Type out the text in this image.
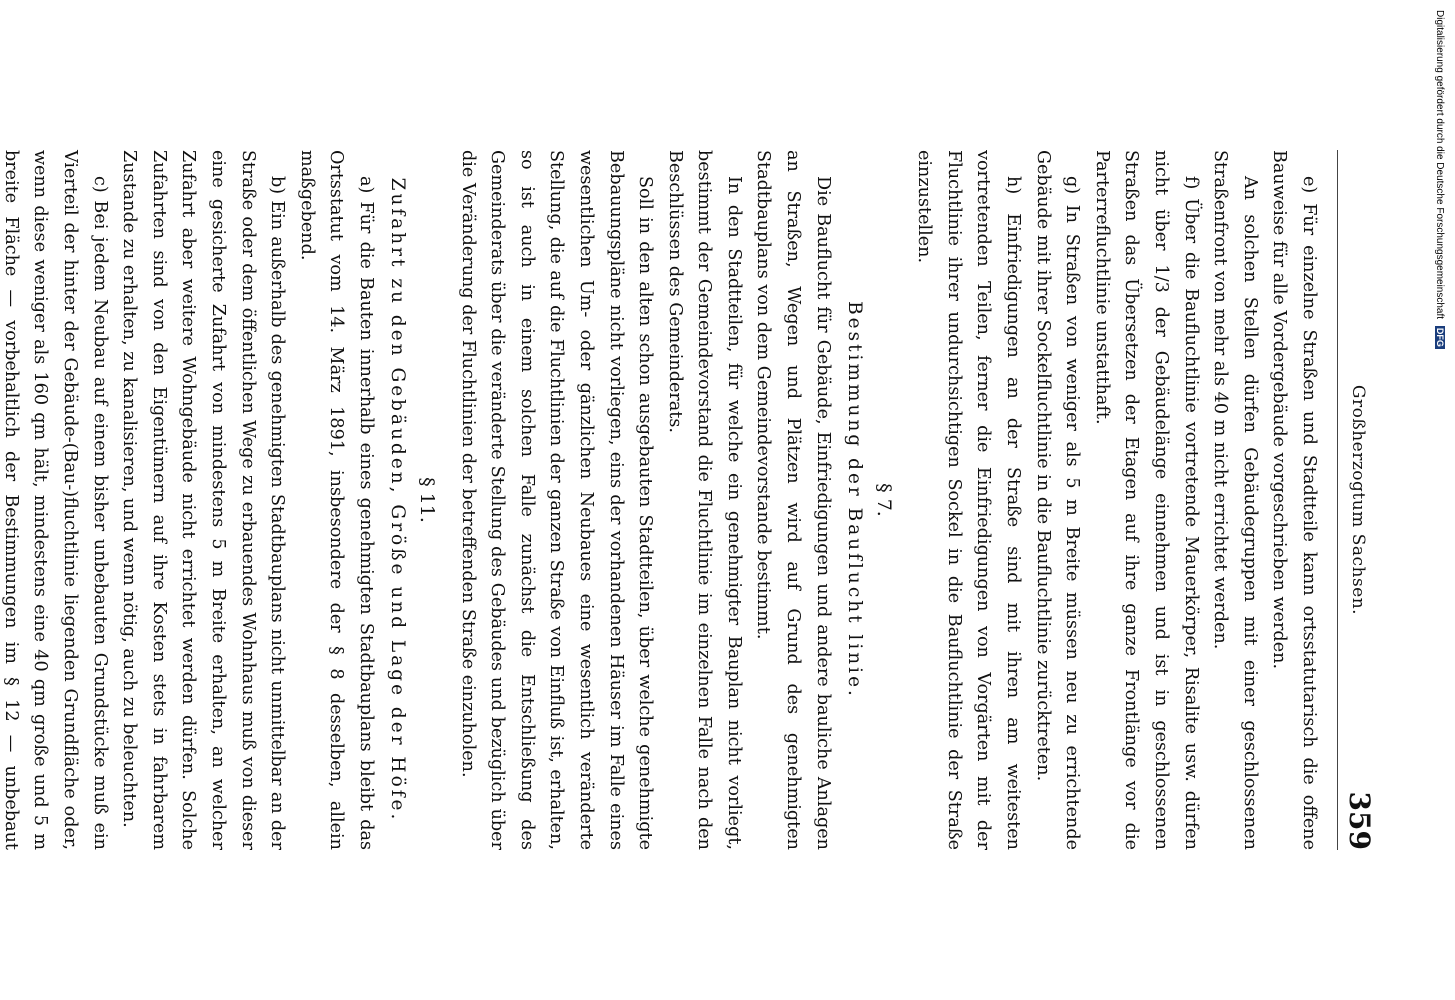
Großherzogtum Sachsen.
359

e) Für einzelne Straßen und Stadtteile kann ortsstatutarisch die offene Bauweise für alle Vordergebäude vorgeschrieben werden.

An solchen Stellen dürfen Gebäudegruppen mit einer geschlossenen Straßenfront von mehr als 40 m nicht errichtet werden.

f) Über die Baufluchtlinie vortretende Mauerkörper, Risalite usw. dürfen nicht über 1/3 der Gebäudelänge einnehmen und ist in geschlossenen Straßen das Übersetzen der Etagen auf ihre ganze Frontlänge vor die Parterrefluchtlinie unstatthaft.

g) In Straßen von weniger als 5 m Breite müssen neu zu errichtende Gebäude mit ihrer Sockelfluchtlinie in die Baufluchtlinie zurücktreten.

h) Einfriedigungen an der Straße sind mit ihren am weitesten vortretenden Teilen, ferner die Einfriedigungen von Vorgärten mit der Fluchtlinie ihrer undurchsichtigen Sockel in die Baufluchtlinie der Straße einzustellen.

§ 7.
Bestimmung der Bauflucht linie.

Die Bauflucht für Gebäude, Einfriedigungen und andere bauliche Anlagen an Straßen, Wegen und Plätzen wird auf Grund des genehmigten Stadtbauplans von dem Gemeindevorstande bestimmt.

In den Stadtteilen, für welche ein genehmigter Bauplan nicht vorliegt, bestimmt der Gemeindevorstand die Fluchtlinie im einzelnen Falle nach den Beschlüssen des Gemeinderats.

Soll in den alten schon ausgebauten Stadtteilen, über welche genehmigte Bebauungspläne nicht vorliegen, eins der vorhandenen Häuser im Falle eines wesentlichen Um- oder gänzlichen Neubaues eine wesentlich veränderte Stellung, die auf die Fluchtlinien der ganzen Straße von Einfluß ist, erhalten, so ist auch in einem solchen Falle zunächst die Entschließung des Gemeinderats über die veränderte Stellung des Gebäudes und bezüglich über die Veränderung der Fluchtlinien der betreffenden Straße einzuholen.

§ 11.
Zufahrt zu den Gebäuden, Größe und Lage der Höfe.

a) Für die Bauten innerhalb eines genehmigten Stadtbauplans bleibt das Ortsstatut vom 14. März 1891, insbesondere der § 8 desselben, allein maßgebend.

b) Ein außerhalb des genehmigten Stadtbauplans nicht unmittelbar an der Straße oder dem öffentlichen Wege zu erbauendes Wohnhaus muß von dieser eine gesicherte Zufahrt von mindestens 5 m Breite erhalten, an welcher Zufahrt aber weitere Wohngebäude nicht errichtet werden dürfen. Solche Zufahrten sind von den Eigentümern auf ihre Kosten stets in fahrbarem Zustande zu erhalten, zu kanalisieren, und wenn nötig, auch zu beleuchten.

c) Bei jedem Neubau auf einem bisher unbebauten Grundstücke muß ein Vierteil der hinter der Gebäude-(Bau-)fluchtlinie liegenden Grundfläche oder, wenn diese weniger als 160 qm hält, mindestens eine 40 qm große und 5 m breite Fläche — vorbehaltlich der Bestimmungen im § 12 — unbebaut

Digitalisierung gefördert durch die Deutsche Forschungsgemeinschaft DFG
